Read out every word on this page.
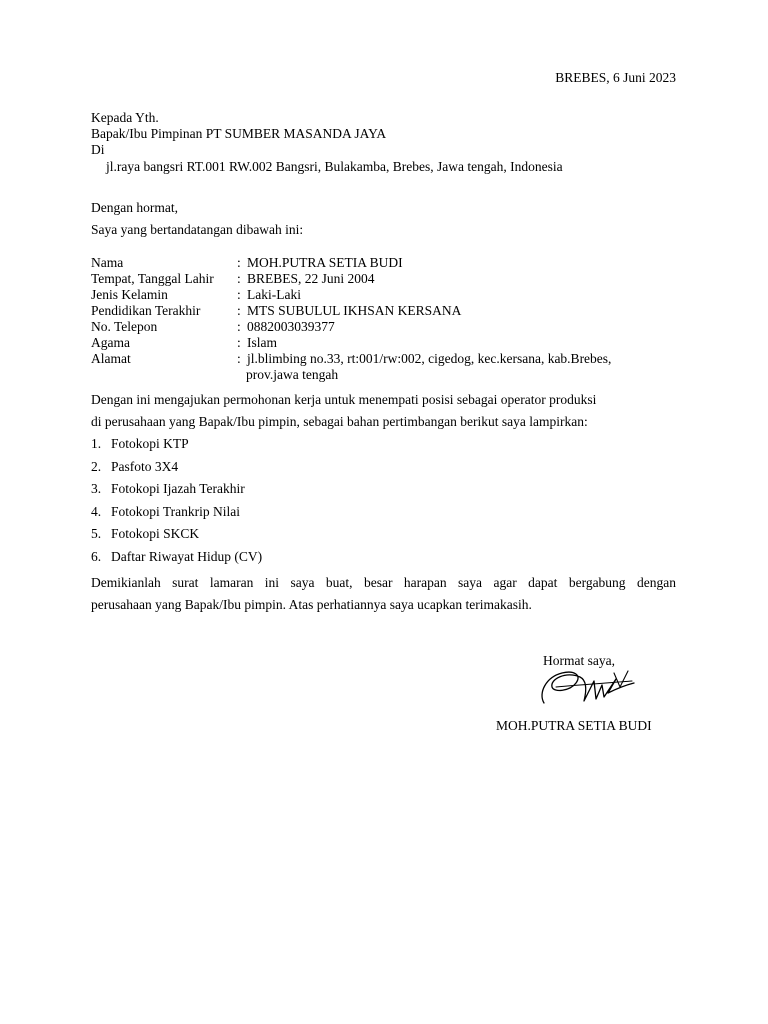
BREBES, 6 Juni 2023
Kepada Yth.
Bapak/Ibu Pimpinan PT SUMBER MASANDA JAYA
Di
jl.raya bangsri RT.001 RW.002 Bangsri, Bulakamba, Brebes, Jawa tengah, Indonesia
Dengan hormat,
Saya yang bertandatangan dibawah ini:
Nama	: MOH.PUTRA SETIA BUDI
Tempat, Tanggal Lahir	: BREBES, 22 Juni 2004
Jenis Kelamin	: Laki-Laki
Pendidikan Terakhir	: MTS SUBULUL IKHSAN KERSANA
No. Telepon	: 0882003039377
Agama	: Islam
Alamat	: jl.blimbing no.33, rt:001/rw:002, cigedog, kec.kersana, kab.Brebes,
prov.jawa tengah
Dengan ini mengajukan permohonan kerja untuk menempati posisi sebagai operator produksi
di perusahaan yang Bapak/Ibu pimpin, sebagai bahan pertimbangan berikut saya lampirkan:
1. Fotokopi KTP
2. Pasfoto 3X4
3. Fotokopi Ijazah Terakhir
4. Fotokopi Trankrip Nilai
5. Fotokopi SKCK
6. Daftar Riwayat Hidup (CV)
Demikianlah surat lamaran ini saya buat, besar harapan saya agar dapat bergabung dengan
perusahaan yang Bapak/Ibu pimpin. Atas perhatiannya saya ucapkan terimakasih.
Hormat saya,
MOH.PUTRA SETIA BUDI
